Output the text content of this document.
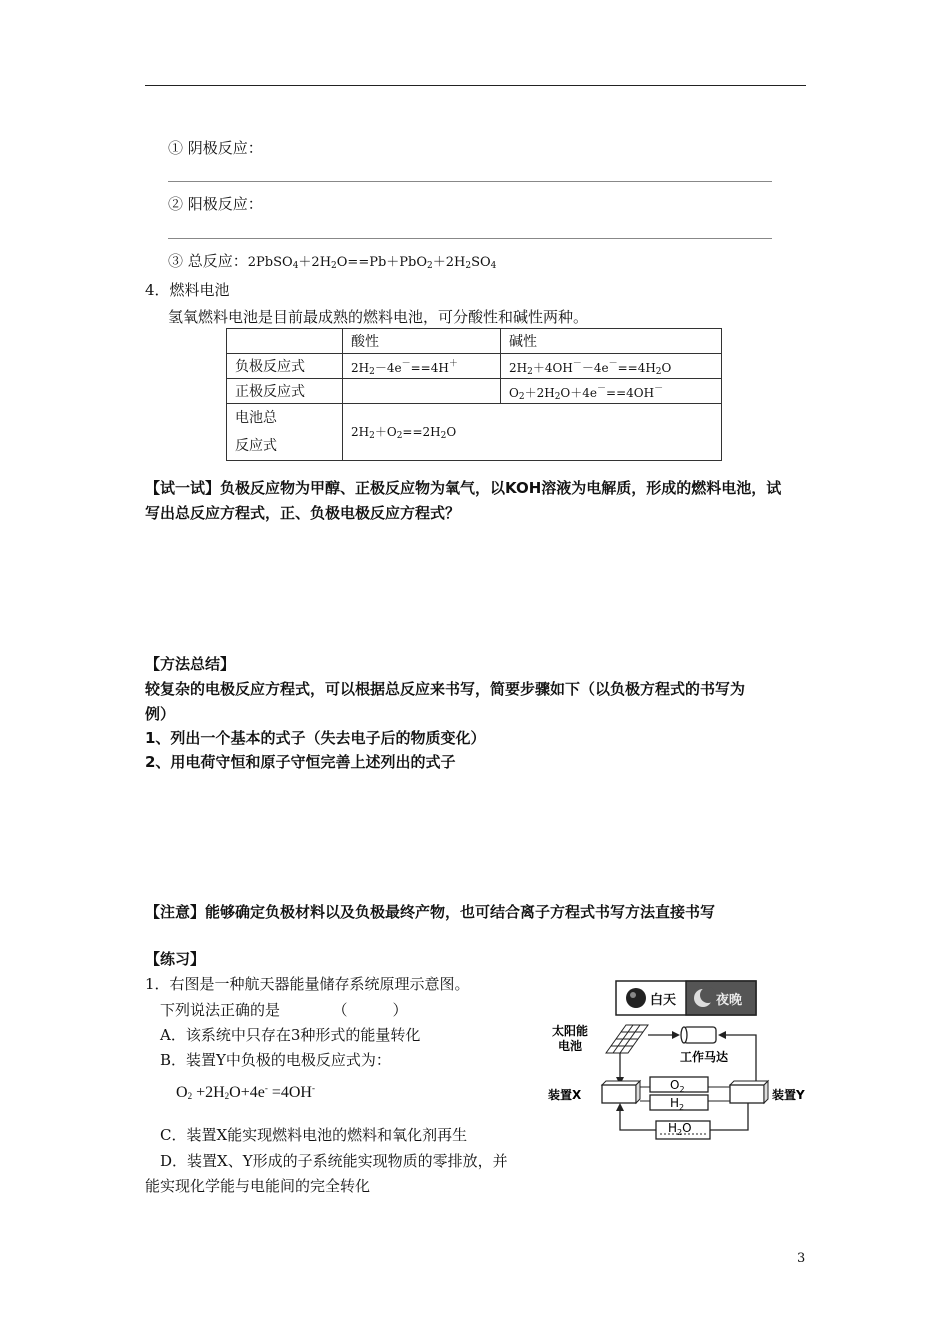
① 阴极反应：
② 阳极反应：
③ 总反应：$2PbSO_4+2H_2O==Pb+PbO_2+2H_2SO_4$
4．燃料电池
氢氧燃料电池是目前最成熟的燃料电池，可分酸性和碱性两种。
	酸性	碱性
负极反应式	$2H_2-4e^-==4H^+$	$2H_2+4OH^--4e^-==4H_2O$
正极反应式		$O_2+2H_2O+4e^-==4OH^-$
电池总
反应式	$2H_2+O_2==2H_2O$	
【试一试】负极反应物为甲醇、正极反应物为氧气，以KOH溶液为电解质，形成的燃料电池，试
写出总反应方程式，正、负极电极反应方程式？
【方法总结】
较复杂的电极反应方程式，可以根据总反应来书写，简要步骤如下（以负极方程式的书写为
例）
1、列出一个基本的式子（失去电子后的物质变化）
2、用电荷守恒和原子守恒完善上述列出的式子
【注意】能够确定负极材料以及负极最终产物，也可结合离子方程式书写方法直接书写
【练习】
1．右图是一种航天器能量储存系统原理示意图。
下列说法正确的是　　　　（　　　）
A．该系统中只存在3种形式的能量转化
B．装置Y中负极的电极反应式为：
$O_2 +2H_2O+4e^- =4OH^-$
C．装置X能实现燃料电池的燃料和氧化剂再生
D．装置X、Y形成的子系统能实现物质的零排放，并
能实现化学能与电能间的完全转化
白天	夜晚
太阳能
电池
工作马达
装置X	装置Y
$O_2$
$H_2$
$H_2O$
3
